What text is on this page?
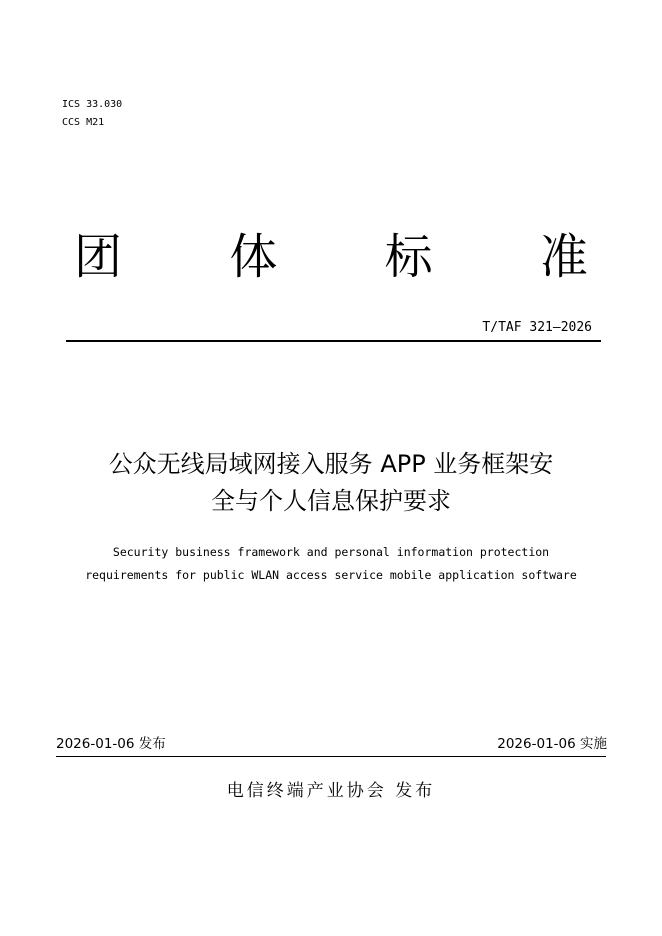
ICS 33.030
CCS M21
团 体 标 准
T/TAF 321—2026
公众无线局域网接入服务 APP 业务框架安
全与个人信息保护要求
Security business framework and personal information protection
requirements for public WLAN access service mobile application software
2026-01-06 发布	2026-01-06 实施
电信终端产业协会 发布
